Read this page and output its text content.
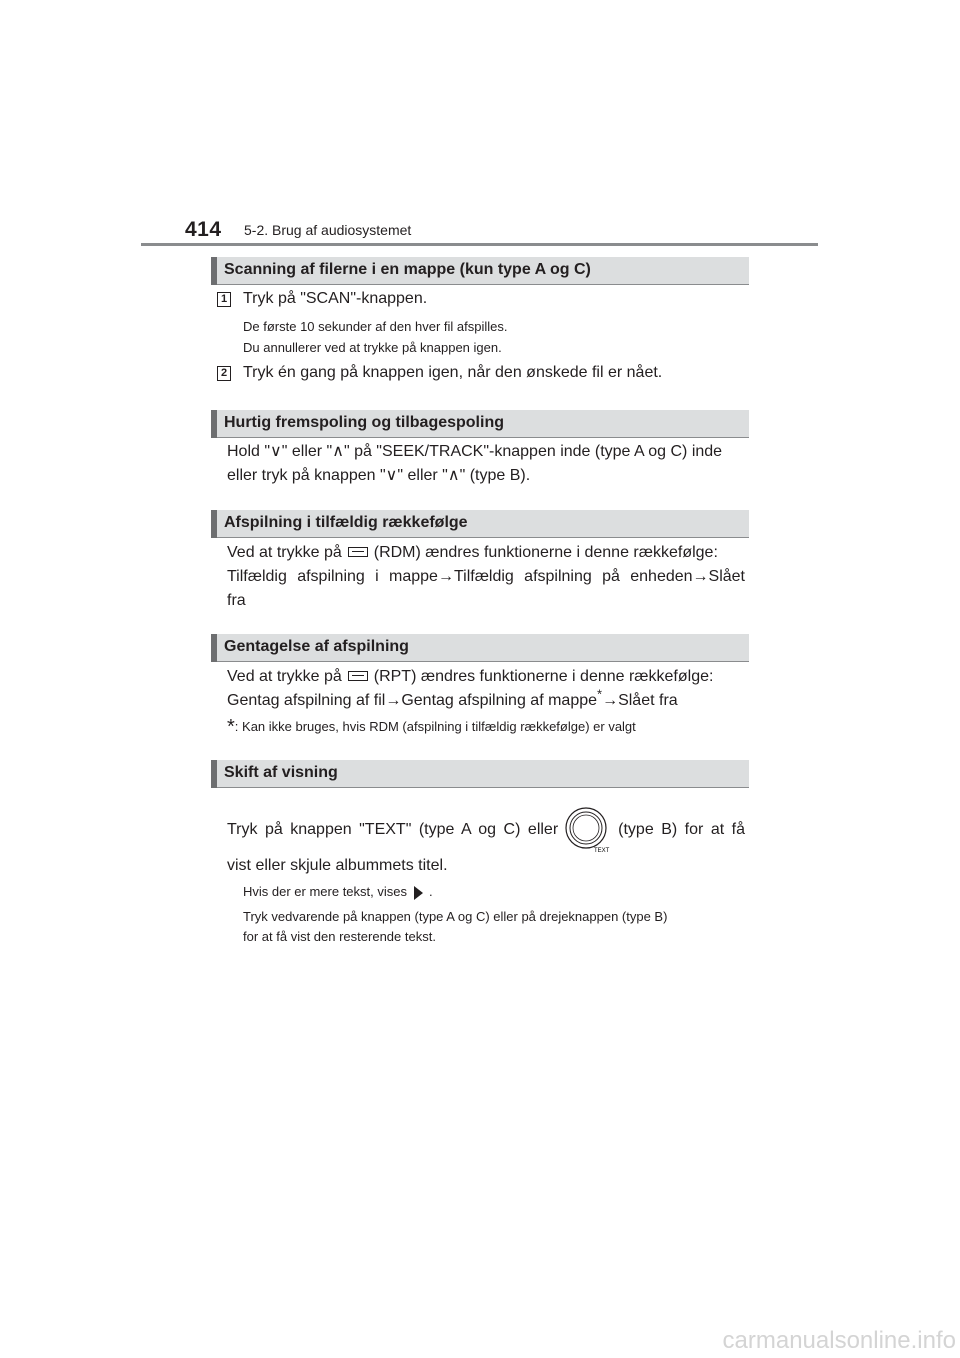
414 5-2. Brug af audiosystemet
Scanning af filerne i en mappe (kun type A og C)
1 Tryk på "SCAN"-knappen.
De første 10 sekunder af den hver fil afspilles.
Du annullerer ved at trykke på knappen igen.
2 Tryk én gang på knappen igen, når den ønskede fil er nået.
Hurtig fremspoling og tilbagespoling
Hold "∨" eller "∧" på "SEEK/TRACK"-knappen inde (type A og C) inde
eller tryk på knappen "∨" eller "∧" (type B).
Afspilning i tilfældig rækkefølge
Ved at trykke på (RDM) ændres funktionerne i denne rækkefølge:
Tilfældig afspilning i mappe→Tilfældig afspilning på enheden→Slået
fra
Gentagelse af afspilning
Ved at trykke på (RPT) ændres funktionerne i denne rækkefølge:
Gentag afspilning af fil→Gentag afspilning af mappe*→Slået fra
*: Kan ikke bruges, hvis RDM (afspilning i tilfældig rækkefølge) er valgt
Skift af visning
Tryk på knappen "TEXT" (type A og C) eller
TEXT
(type B) for at få
vist eller skjule albummets titel.
Hvis der er mere tekst, vises .
Tryk vedvarende på knappen (type A og C) eller på drejeknappen (type B)
for at få vist den resterende tekst.
carmanualsonline.info
